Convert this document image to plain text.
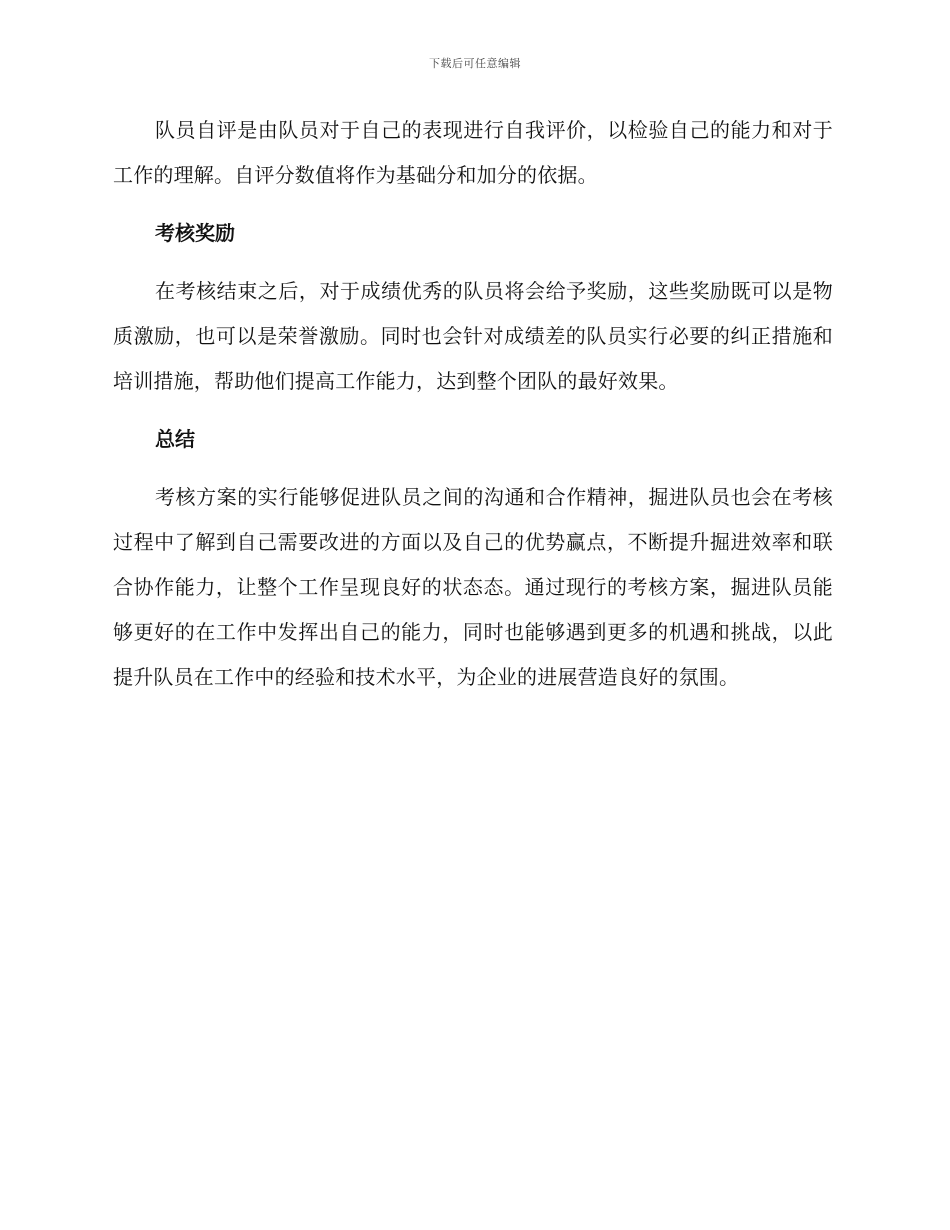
下载后可任意编辑

队员自评是由队员对于自己的表现进行自我评价，以检验自己的能力和对于工作的理解。自评分数值将作为基础分和加分的依据。

考核奖励

在考核结束之后，对于成绩优秀的队员将会给予奖励，这些奖励既可以是物质激励，也可以是荣誉激励。同时也会针对成绩差的队员实行必要的纠正措施和培训措施，帮助他们提高工作能力，达到整个团队的最好效果。

总结

考核方案的实行能够促进队员之间的沟通和合作精神，掘进队员也会在考核过程中了解到自己需要改进的方面以及自己的优势赢点，不断提升掘进效率和联合协作能力，让整个工作呈现良好的状态态。通过现行的考核方案，掘进队员能够更好的在工作中发挥出自己的能力，同时也能够遇到更多的机遇和挑战，以此提升队员在工作中的经验和技术水平，为企业的进展营造良好的氛围。
